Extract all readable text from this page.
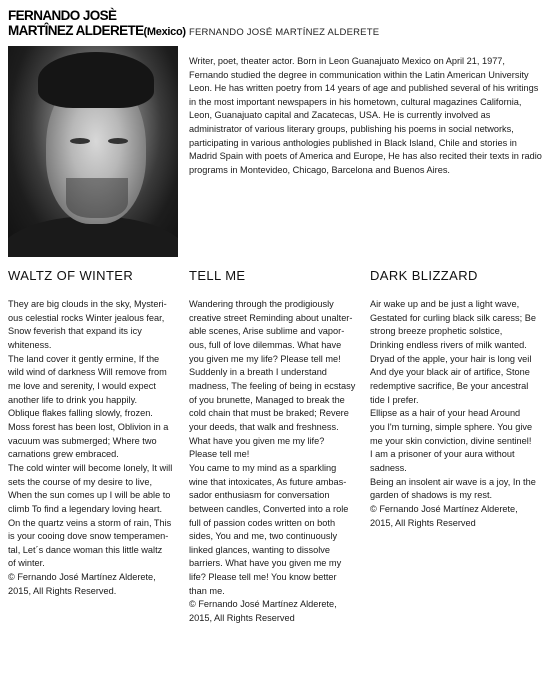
FERNANDO JOSÈ
MARTÎNEZ ALDERETE(Mexico) FERNANDO JOSÉ MARTÍNEZ ALDERETE

Writer, poet, theater actor. Born in Leon Guanajuato Mexico on April 21, 1977, Fernando studied the degree in communication within the Latin American University Leon. He has written poetry from 14 years of age and published several of his writings in the most important newspapers in his hometown, cultural magazines California, Leon, Guanajuato capital and Zacatecas, USA. He is currently involved as administrator of various literary groups, publishing his poems in social networks, participating in various anthologies published in Black Island, Chile and stories in Madrid Spain with poets of America and Europe, He has also recited their texts in radio programs in Montevideo, Chicago, Barcelona and Buenos Aires.

WALTZ OF WINTER
They are big clouds in the sky, Mysteri-
ous celestial rocks Winter jealous fear,
Snow feverish that expand its icy
whiteness.
The land cover it gently ermine, If the
wild wind of darkness Will remove from
me love and serenity, I would expect
another life to drink you happily.
Oblique flakes falling slowly, frozen.
Moss forest has been lost, Oblivion in a
vacuum was submerged; Where two
carnations grew embraced.
The cold winter will become lonely, It will
sets the course of my desire to live,
When the sun comes up I will be able to
climb To find a legendary loving heart.
On the quartz veins a storm of rain, This
is your cooing dove snow temperamen-
tal, Let´s dance woman this little waltz
of winter.
© Fernando José Martínez Alderete,
2015, All Rights Reserved.
TELL ME
Wandering through the prodigiously
creative street Reminding about unalter-
able scenes, Arise sublime and vapor-
ous, full of love dilemmas. What have
you given me my life? Please tell me!
Suddenly in a breath I understand
madness, The feeling of being in ecstasy
of you brunette, Managed to break the
cold chain that must be braked; Revere
your deeds, that walk and freshness.
What have you given me my life?
Please tell me!
You came to my mind as a sparkling
wine that intoxicates, As future ambas-
sador enthusiasm for conversation
between candles, Converted into a role
full of passion codes written on both
sides, You and me, two continuously
linked glances, wanting to dissolve
barriers. What have you given me my
life? Please tell me! You know better
than me.
© Fernando José Martínez Alderete,
2015, All Rights Reserved
DARK BLIZZARD
Air wake up and be just a light wave,
Gestated for curling black silk caress; Be
strong breeze prophetic solstice,
Drinking endless rivers of milk wanted.
Dryad of the apple, your hair is long veil
And dye your black air of artifice, Stone
redemptive sacrifice, Be your ancestral
tide I prefer.
Ellipse as a hair of your head Around
you I'm turning, simple sphere. You give
me your skin conviction, divine sentinel!
I am a prisoner of your aura without
sadness.
Being an insolent air wave is a joy, In the
garden of shadows is my rest.
© Fernando José Martínez Alderete,
2015, All Rights Reserved
